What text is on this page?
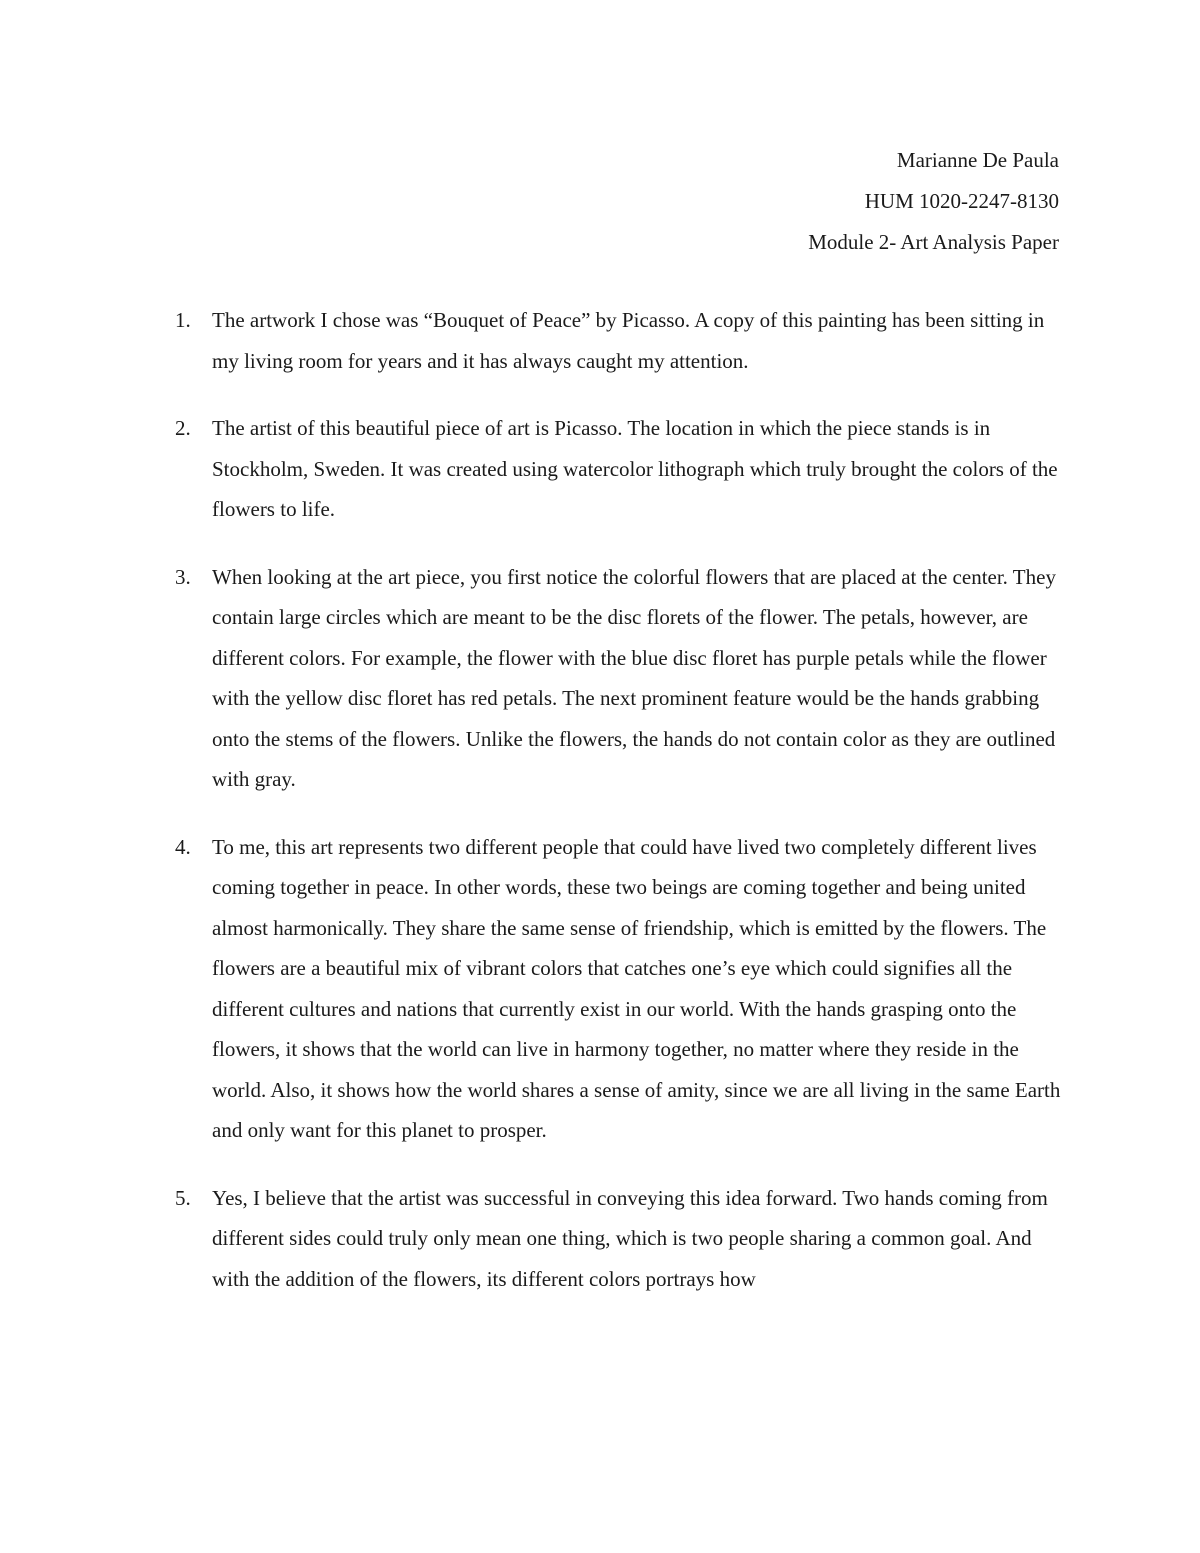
Marianne De Paula
HUM 1020-2247-8130
Module 2- Art Analysis Paper
1. The artwork I chose was “Bouquet of Peace” by Picasso. A copy of this painting has been sitting in my living room for years and it has always caught my attention.
2. The artist of this beautiful piece of art is Picasso. The location in which the piece stands is in Stockholm, Sweden. It was created using watercolor lithograph which truly brought the colors of the flowers to life.
3. When looking at the art piece, you first notice the colorful flowers that are placed at the center. They contain large circles which are meant to be the disc florets of the flower. The petals, however, are different colors. For example, the flower with the blue disc floret has purple petals while the flower with the yellow disc floret has red petals. The next prominent feature would be the hands grabbing onto the stems of the flowers. Unlike the flowers, the hands do not contain color as they are outlined with gray.
4. To me, this art represents two different people that could have lived two completely different lives coming together in peace. In other words, these two beings are coming together and being united almost harmonically. They share the same sense of friendship, which is emitted by the flowers. The flowers are a beautiful mix of vibrant colors that catches one’s eye which could signifies all the different cultures and nations that currently exist in our world. With the hands grasping onto the flowers, it shows that the world can live in harmony together, no matter where they reside in the world. Also, it shows how the world shares a sense of amity, since we are all living in the same Earth and only want for this planet to prosper.
5. Yes, I believe that the artist was successful in conveying this idea forward. Two hands coming from different sides could truly only mean one thing, which is two people sharing a common goal. And with the addition of the flowers, its different colors portrays how
